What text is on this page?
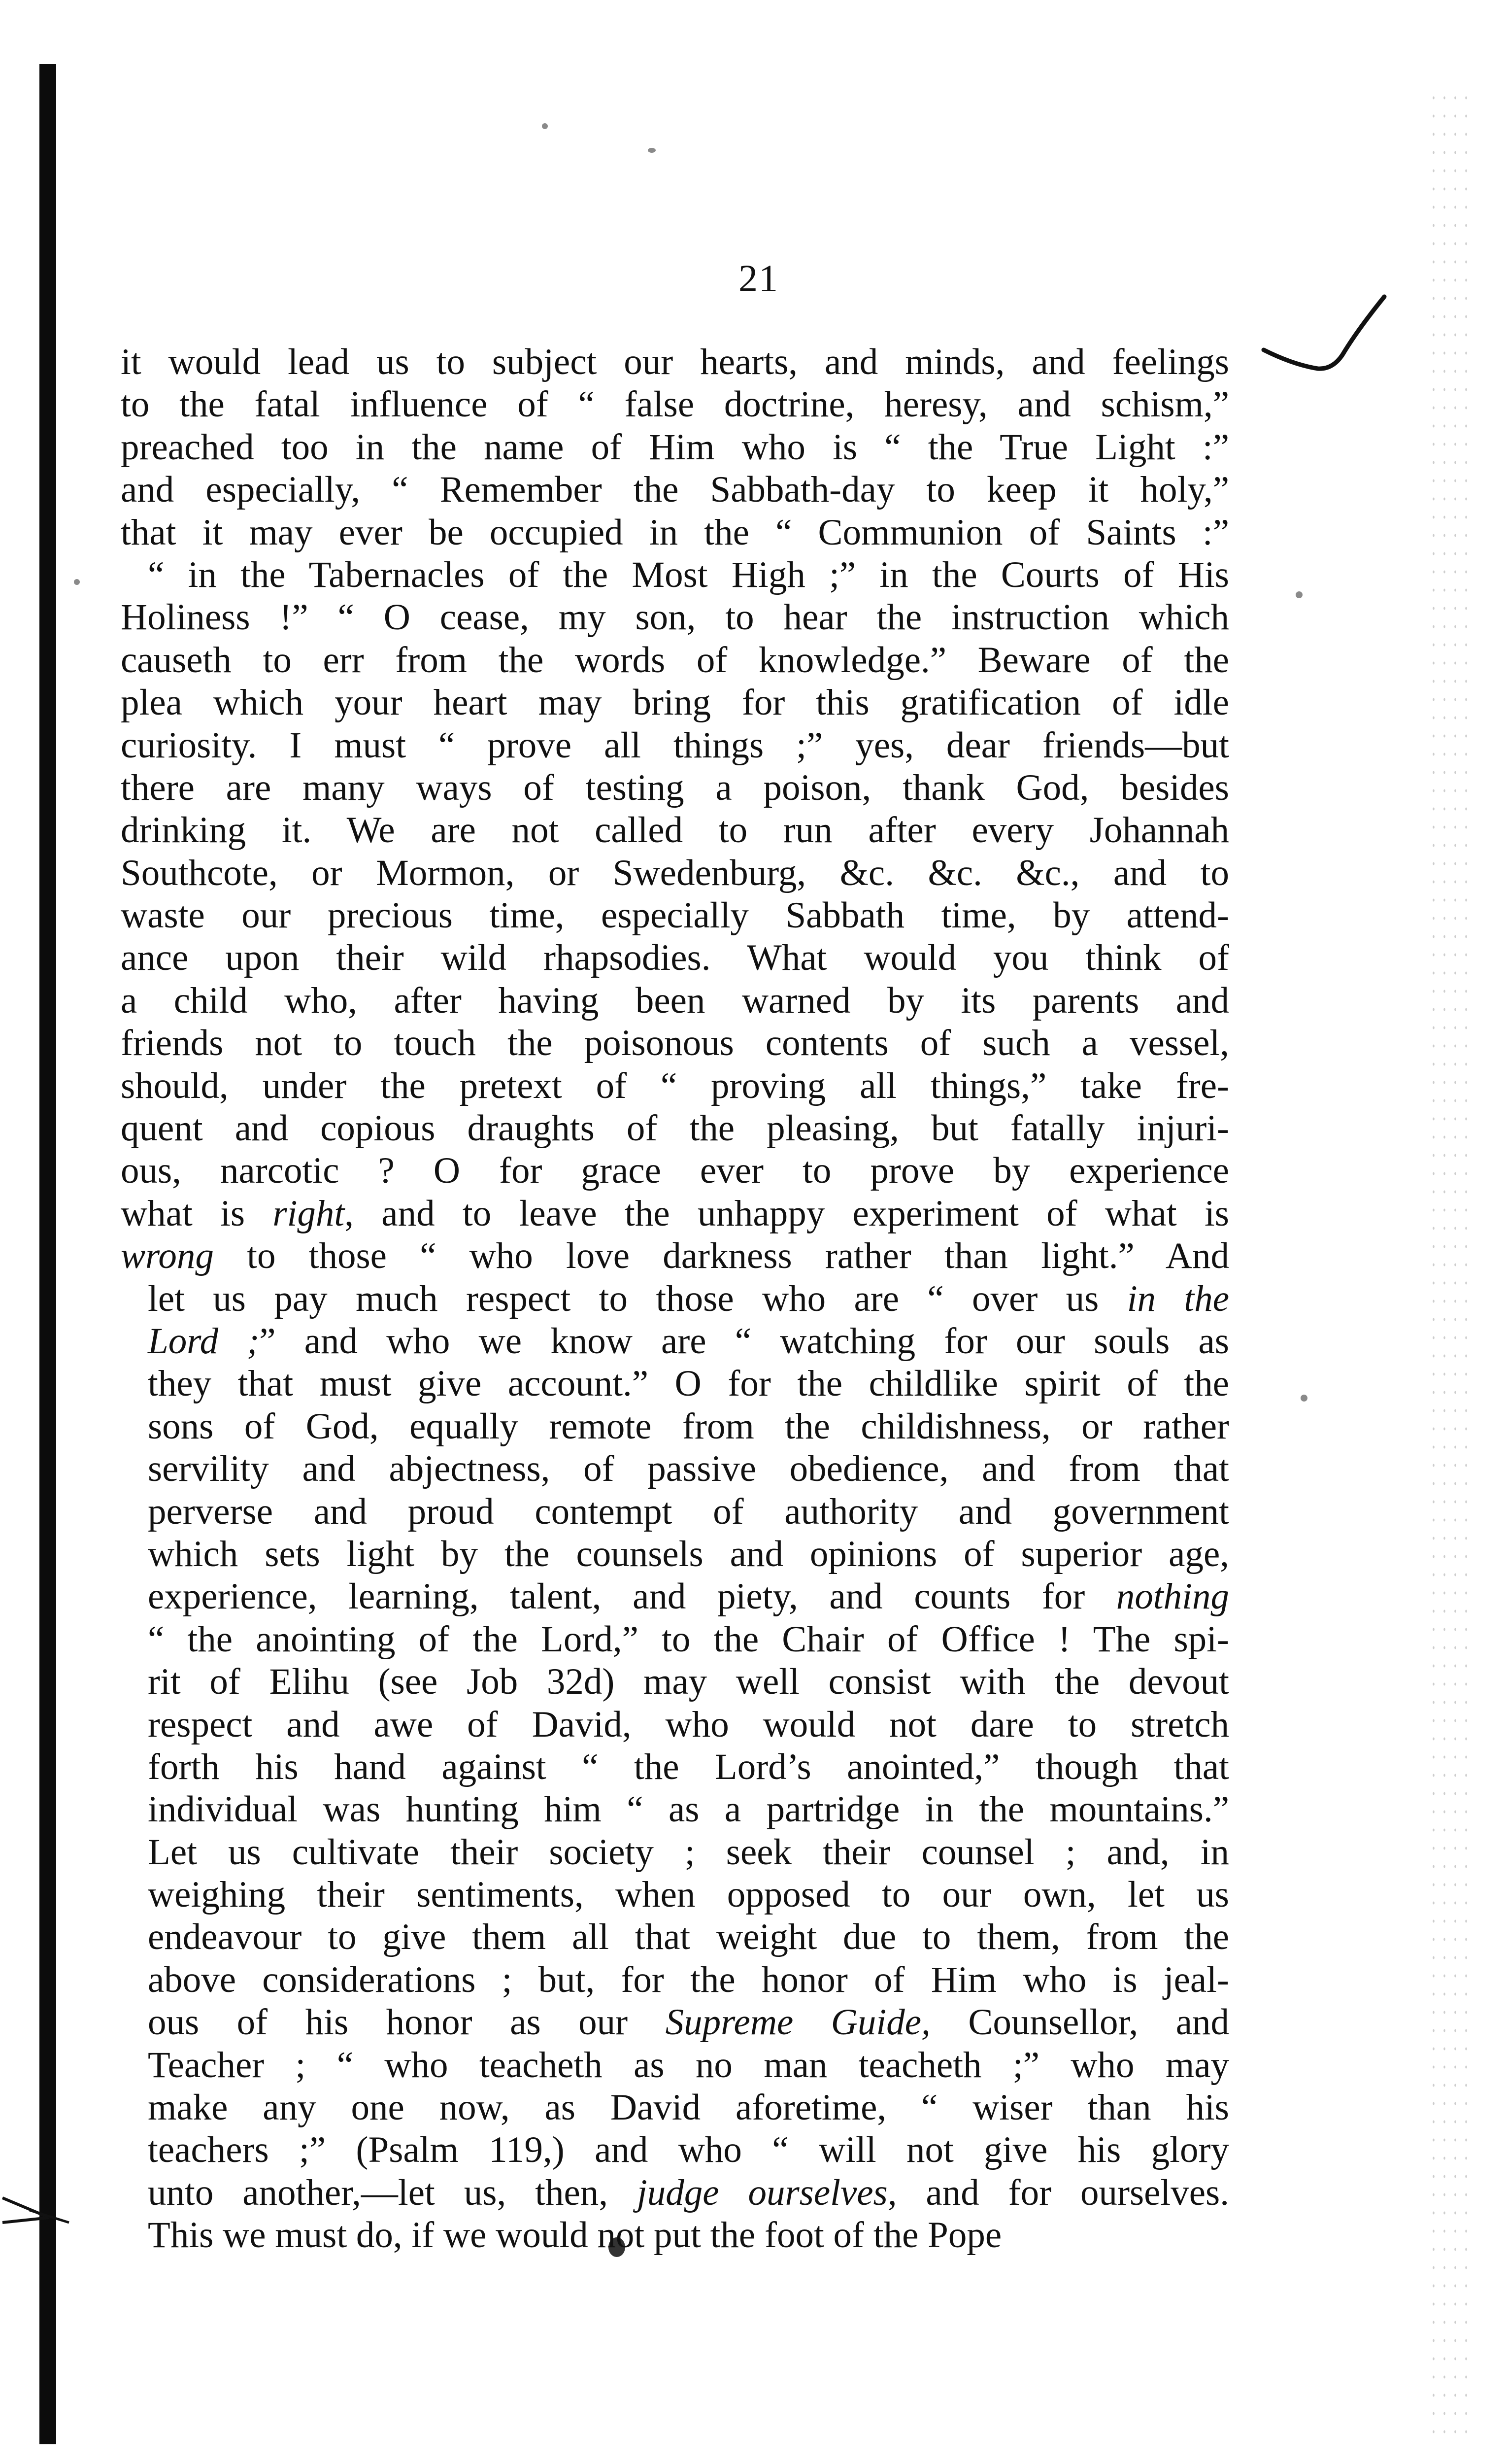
21
it would lead us to subject our hearts, and minds, and feelings
to the fatal influence of “ false doctrine, heresy, and schism,”
preached too in the name of Him who is “ the True Light :”
and especially, “ Remember the Sabbath-day to keep it holy,”
that it may ever be occupied in the “ Communion of Saints :”
“ in the Tabernacles of the Most High ;” in the Courts of His
Holiness !” “ O cease, my son, to hear the instruction which
causeth to err from the words of knowledge.” Beware of the
plea which your heart may bring for this gratification of idle
curiosity. I must “ prove all things ;” yes, dear friends—but
there are many ways of testing a poison, thank God, besides
drinking it. We are not called to run after every Johannah
Southcote, or Mormon, or Swedenburg, &c. &c. &c., and to
waste our precious time, especially Sabbath time, by attend-
ance upon their wild rhapsodies. What would you think of
a child who, after having been warned by its parents and
friends not to touch the poisonous contents of such a vessel,
should, under the pretext of “ proving all things,” take fre-
quent and copious draughts of the pleasing, but fatally injuri-
ous, narcotic ? O for grace ever to prove by experience
what is right, and to leave the unhappy experiment of what is
wrong to those “ who love darkness rather than light.” And
let us pay much respect to those who are “ over us in the
Lord ;” and who we know are “ watching for our souls as
they that must give account.” O for the childlike spirit of the
sons of God, equally remote from the childishness, or rather
servility and abjectness, of passive obedience, and from that
perverse and proud contempt of authority and government
which sets light by the counsels and opinions of superior age,
experience, learning, talent, and piety, and counts for nothing
“ the anointing of the Lord,” to the Chair of Office ! The spi-
rit of Elihu (see Job 32d) may well consist with the devout
respect and awe of David, who would not dare to stretch
forth his hand against “ the Lord’s anointed,” though that
individual was hunting him “ as a partridge in the mountains.”
Let us cultivate their society ; seek their counsel ; and, in
weighing their sentiments, when opposed to our own, let us
endeavour to give them all that weight due to them, from the
above considerations ; but, for the honor of Him who is jeal-
ous of his honor as our Supreme Guide, Counsellor, and
Teacher ; “ who teacheth as no man teacheth ;” who may
make any one now, as David aforetime, “ wiser than his
teachers ;” (Psalm 119,) and who “ will not give his glory
unto another,—let us, then, judge ourselves, and for ourselves.
This we must do, if we would not put the foot of the Pope
